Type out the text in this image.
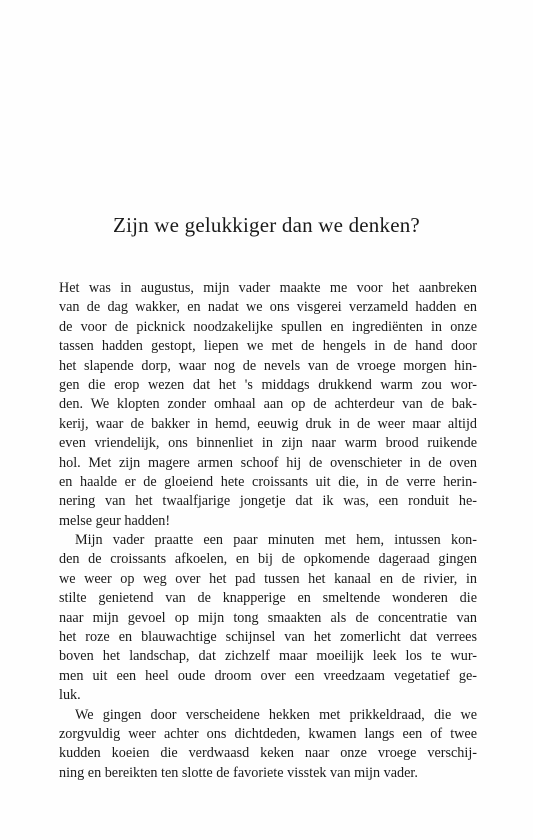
Zijn we gelukkiger dan we denken?
Het was in augustus, mijn vader maakte me voor het aanbreken
van de dag wakker, en nadat we ons visgerei verzameld hadden en
de voor de picknick noodzakelijke spullen en ingrediënten in onze
tassen hadden gestopt, liepen we met de hengels in de hand door
het slapende dorp, waar nog de nevels van de vroege morgen hin-
gen die erop wezen dat het 's middags drukkend warm zou wor-
den. We klopten zonder omhaal aan op de achterdeur van de bak-
kerij, waar de bakker in hemd, eeuwig druk in de weer maar altijd
even vriendelijk, ons binnenliet in zijn naar warm brood ruikende
hol. Met zijn magere armen schoof hij de ovenschieter in de oven
en haalde er de gloeiend hete croissants uit die, in de verre herin-
nering van het twaalfjarige jongetje dat ik was, een ronduit he-
melse geur hadden!
Mijn vader praatte een paar minuten met hem, intussen kon-
den de croissants afkoelen, en bij de opkomende dageraad gingen
we weer op weg over het pad tussen het kanaal en de rivier, in
stilte genietend van de knapperige en smeltende wonderen die
naar mijn gevoel op mijn tong smaakten als de concentratie van
het roze en blauwachtige schijnsel van het zomerlicht dat verrees
boven het landschap, dat zichzelf maar moeilijk leek los te wur-
men uit een heel oude droom over een vreedzaam vegetatief ge-
luk.
We gingen door verscheidene hekken met prikkeldraad, die we
zorgvuldig weer achter ons dichtdeden, kwamen langs een of twee
kudden koeien die verdwaasd keken naar onze vroege verschij-
ning en bereikten ten slotte de favoriete visstek van mijn vader.
